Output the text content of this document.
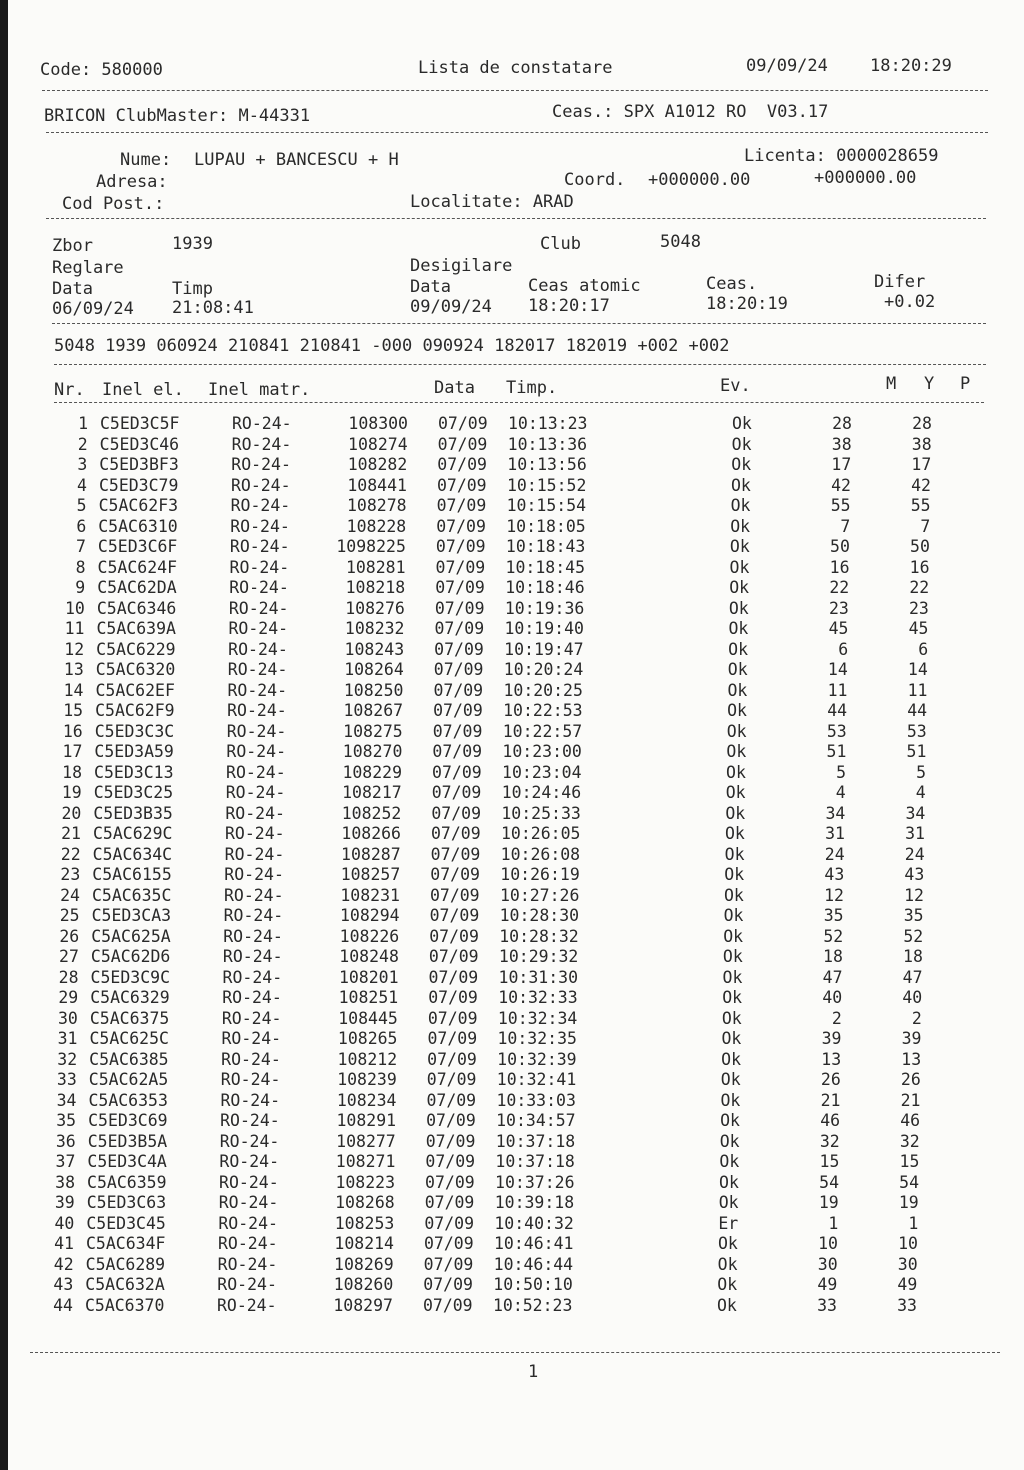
Code: 580000	Lista de constatare	09/09/24 18:20:29
BRICON ClubMaster: M-44331	Ceas.: SPX A1012 RO  V03.17
Nume: LUPAU + BANCESCU + H	Licenta: 0000028659
Adresa:	Coord. +000000.00	+000000.00
Cod Post.:	Localitate: ARAD
Zbor	1939	Club	5048
Reglare	Desigilare
Data	Timp	Data	Ceas atomic	Ceas.	Difer
06/09/24 21:08:41	09/09/24 18:20:17	18:20:19	+0.02
5048 1939 060924 210841 210841 -000 090924 182017 182019 +002 +002
Nr. Inel el. Inel matr.	Data Timp.	Ev.	M Y P
1 C5ED3C5F	RO-24-	108300 07/09 10:13:23	Ok	28	28
2 C5ED3C46	RO-24-	108274 07/09 10:13:36	Ok	38	38
3 C5ED3BF3	RO-24-	108282 07/09 10:13:56	Ok	17	17
4 C5ED3C79	RO-24-	108441 07/09 10:15:52	Ok	42	42
5 C5AC62F3	RO-24-	108278 07/09 10:15:54	Ok	55	55
6 C5AC6310	RO-24-	108228 07/09 10:18:05	Ok	7	7
7 C5ED3C6F	RO-24-	1098225 07/09 10:18:43	Ok	50	50
8 C5AC624F	RO-24-	108281 07/09 10:18:45	Ok	16	16
9 C5AC62DA	RO-24-	108218 07/09 10:18:46	Ok	22	22
10 C5AC6346	RO-24-	108276 07/09 10:19:36	Ok	23	23
11 C5AC639A	RO-24-	108232 07/09 10:19:40	Ok	45	45
12 C5AC6229	RO-24-	108243 07/09 10:19:47	Ok	6	6
13 C5AC6320	RO-24-	108264 07/09 10:20:24	Ok	14	14
14 C5AC62EF	RO-24-	108250 07/09 10:20:25	Ok	11	11
15 C5AC62F9	RO-24-	108267 07/09 10:22:53	Ok	44	44
16 C5ED3C3C	RO-24-	108275 07/09 10:22:57	Ok	53	53
17 C5ED3A59	RO-24-	108270 07/09 10:23:00	Ok	51	51
18 C5ED3C13	RO-24-	108229 07/09 10:23:04	Ok	5	5
19 C5ED3C25	RO-24-	108217 07/09 10:24:46	Ok	4	4
20 C5ED3B35	RO-24-	108252 07/09 10:25:33	Ok	34	34
21 C5AC629C	RO-24-	108266 07/09 10:26:05	Ok	31	31
22 C5AC634C	RO-24-	108287 07/09 10:26:08	Ok	24	24
23 C5AC6155	RO-24-	108257 07/09 10:26:19	Ok	43	43
24 C5AC635C	RO-24-	108231 07/09 10:27:26	Ok	12	12
25 C5ED3CA3	RO-24-	108294 07/09 10:28:30	Ok	35	35
26 C5AC625A	RO-24-	108226 07/09 10:28:32	Ok	52	52
27 C5AC62D6	RO-24-	108248 07/09 10:29:32	Ok	18	18
28 C5ED3C9C	RO-24-	108201 07/09 10:31:30	Ok	47	47
29 C5AC6329	RO-24-	108251 07/09 10:32:33	Ok	40	40
30 C5AC6375	RO-24-	108445 07/09 10:32:34	Ok	2	2
31 C5AC625C	RO-24-	108265 07/09 10:32:35	Ok	39	39
32 C5AC6385	RO-24-	108212 07/09 10:32:39	Ok	13	13
33 C5AC62A5	RO-24-	108239 07/09 10:32:41	Ok	26	26
34 C5AC6353	RO-24-	108234 07/09 10:33:03	Ok	21	21
35 C5ED3C69	RO-24-	108291 07/09 10:34:57	Ok	46	46
36 C5ED3B5A	RO-24-	108277 07/09 10:37:18	Ok	32	32
37 C5ED3C4A	RO-24-	108271 07/09 10:37:18	Ok	15	15
38 C5AC6359	RO-24-	108223 07/09 10:37:26	Ok	54	54
39 C5ED3C63	RO-24-	108268 07/09 10:39:18	Ok	19	19
40 C5ED3C45	RO-24-	108253 07/09 10:40:32	Er	1	1
41 C5AC634F	RO-24-	108214 07/09 10:46:41	Ok	10	10
42 C5AC6289	RO-24-	108269 07/09 10:46:44	Ok	30	30
43 C5AC632A	RO-24-	108260 07/09 10:50:10	Ok	49	49
44 C5AC6370	RO-24-	108297 07/09 10:52:23	Ok	33	33
1
